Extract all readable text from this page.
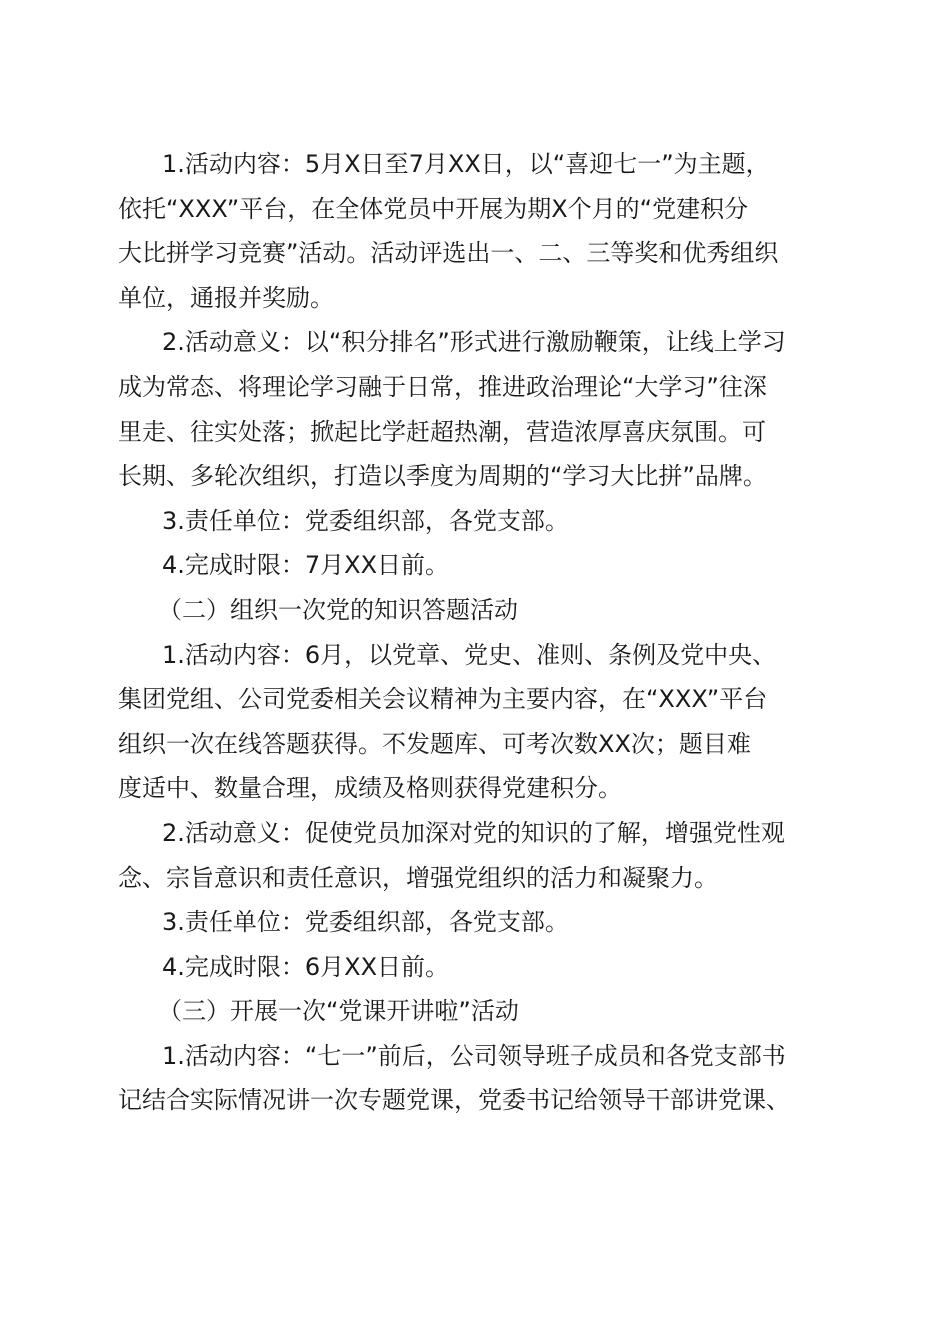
1.活动内容：5月X日至7月XX日，以“喜迎七一”为主题，
依托“XXX”平台，在全体党员中开展为期X个月的“党建积分
大比拼学习竞赛”活动。活动评选出一、二、三等奖和优秀组织
单位，通报并奖励。
2.活动意义：以“积分排名”形式进行激励鞭策，让线上学习
成为常态、将理论学习融于日常，推进政治理论“大学习”往深
里走、往实处落；掀起比学赶超热潮，营造浓厚喜庆氛围。可
长期、多轮次组织，打造以季度为周期的“学习大比拼”品牌。
3.责任单位：党委组织部，各党支部。
4.完成时限：7月XX日前。
（二）组织一次党的知识答题活动
1.活动内容：6月，以党章、党史、准则、条例及党中央、
集团党组、公司党委相关会议精神为主要内容，在“XXX”平台
组织一次在线答题获得。不发题库、可考次数XX次；题目难
度适中、数量合理，成绩及格则获得党建积分。
2.活动意义：促使党员加深对党的知识的了解，增强党性观
念、宗旨意识和责任意识，增强党组织的活力和凝聚力。
3.责任单位：党委组织部，各党支部。
4.完成时限：6月XX日前。
（三）开展一次“党课开讲啦”活动
1.活动内容：“七一”前后，公司领导班子成员和各党支部书
记结合实际情况讲一次专题党课，党委书记给领导干部讲党课、
